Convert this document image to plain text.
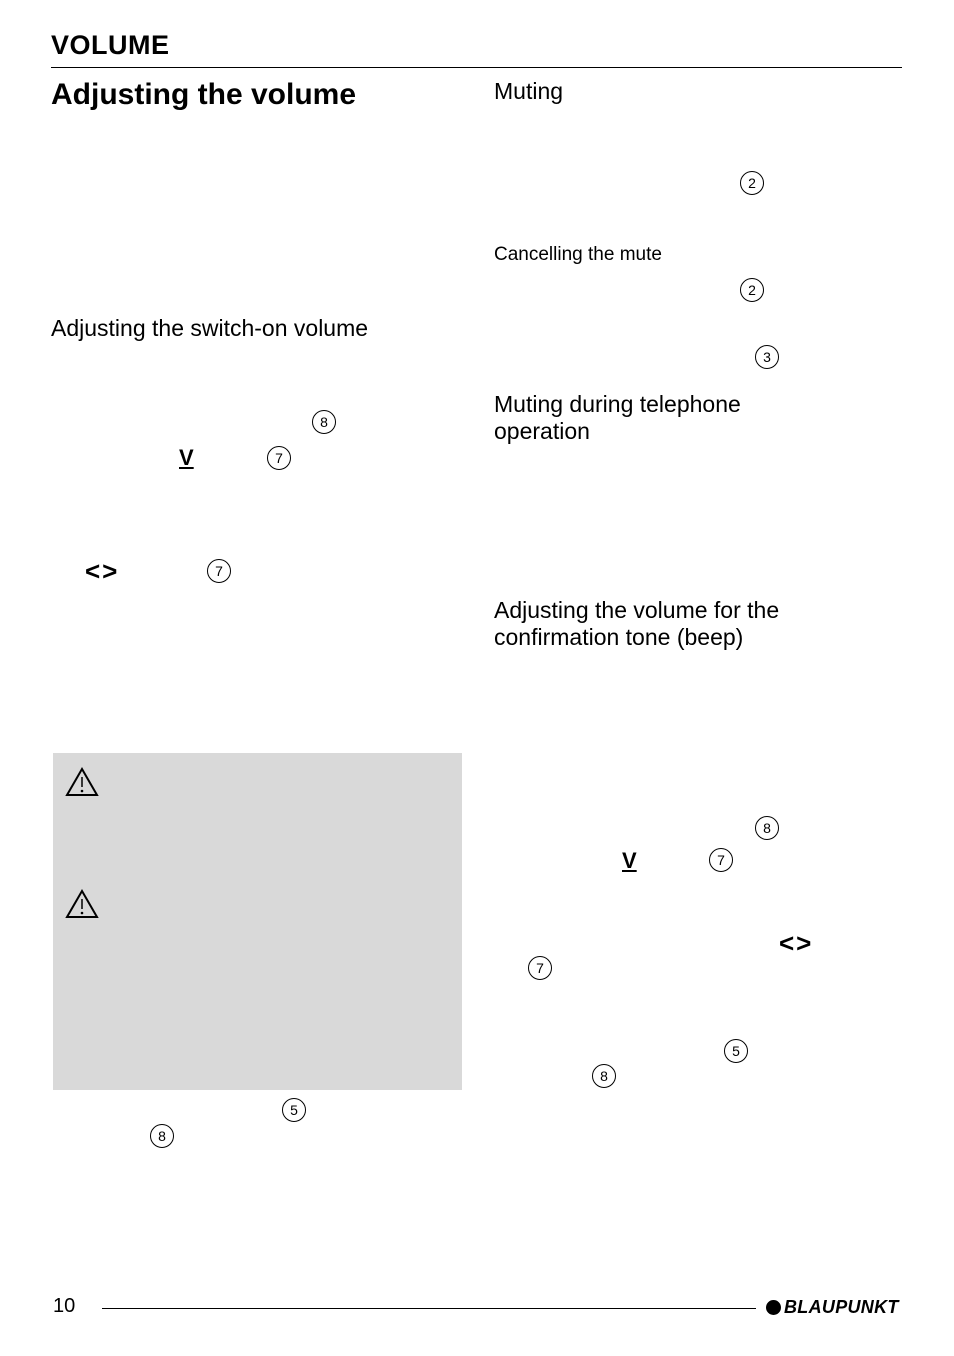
VOLUME
Adjusting the volume
Adjusting the switch-on volume
8
V	7
<>	7
5
8
Muting
2
Cancelling the mute
2
3
Muting during telephone
operation
Adjusting the volume for the
confirmation tone (beep)
8
V	7
<>
7
5
8
10	BLAUPUNKT
